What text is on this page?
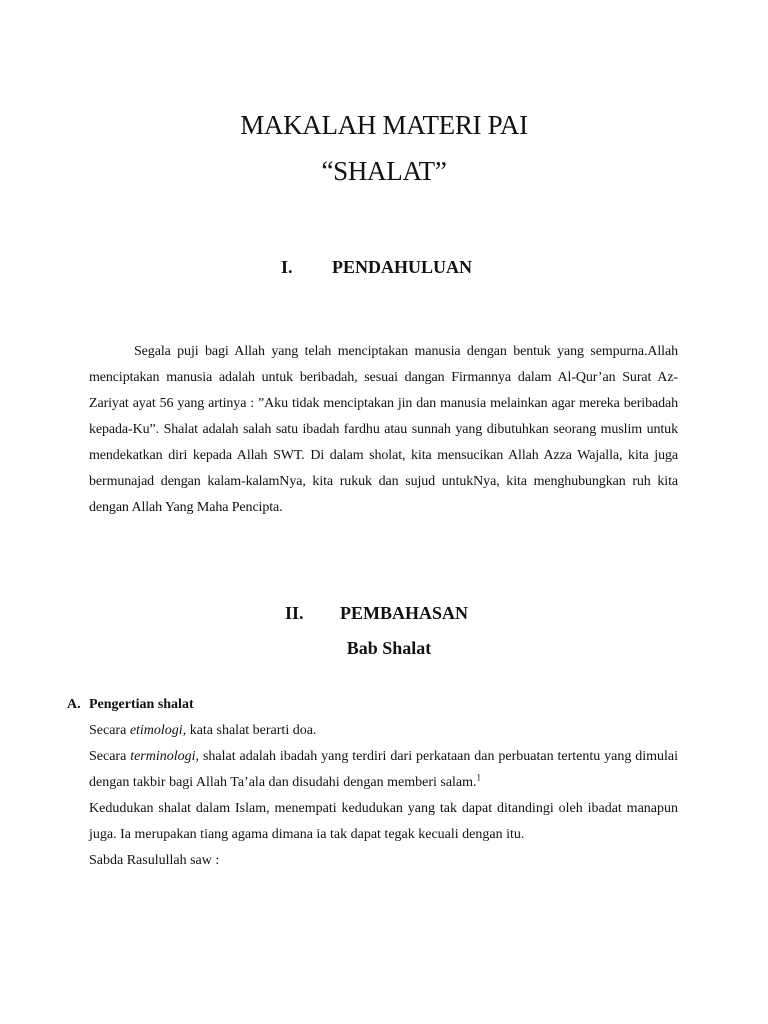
MAKALAH MATERI PAI
“SHALAT”
I. PENDAHULUAN

Segala puji bagi Allah yang telah menciptakan manusia dengan bentuk yang sempurna.Allah menciptakan manusia adalah untuk beribadah, sesuai dangan Firmannya dalam Al-Qur’an Surat Az-Zariyat ayat 56 yang artinya : ”Aku tidak menciptakan jin dan manusia melainkan agar mereka beribadah kepada-Ku”. Shalat adalah salah satu ibadah fardhu atau sunnah yang dibutuhkan seorang muslim untuk mendekatkan diri kepada Allah SWT. Di dalam sholat, kita mensucikan Allah Azza Wajalla, kita juga bermunajad dengan kalam-kalamNya, kita rukuk dan sujud untukNya, kita menghubungkan ruh kita dengan Allah Yang Maha Pencipta.

II. PEMBAHASAN
Bab Shalat
A. Pengertian shalat

Secara etimologi, kata shalat berarti doa.

Secara terminologi, shalat adalah ibadah yang terdiri dari perkataan dan perbuatan tertentu yang dimulai dengan takbir bagi Allah Ta’ala dan disudahi dengan memberi salam.$^1$

Kedudukan shalat dalam Islam, menempati kedudukan yang tak dapat ditandingi oleh ibadat manapun juga. Ia merupakan tiang agama dimana ia tak dapat tegak kecuali dengan itu.

Sabda Rasulullah saw :
